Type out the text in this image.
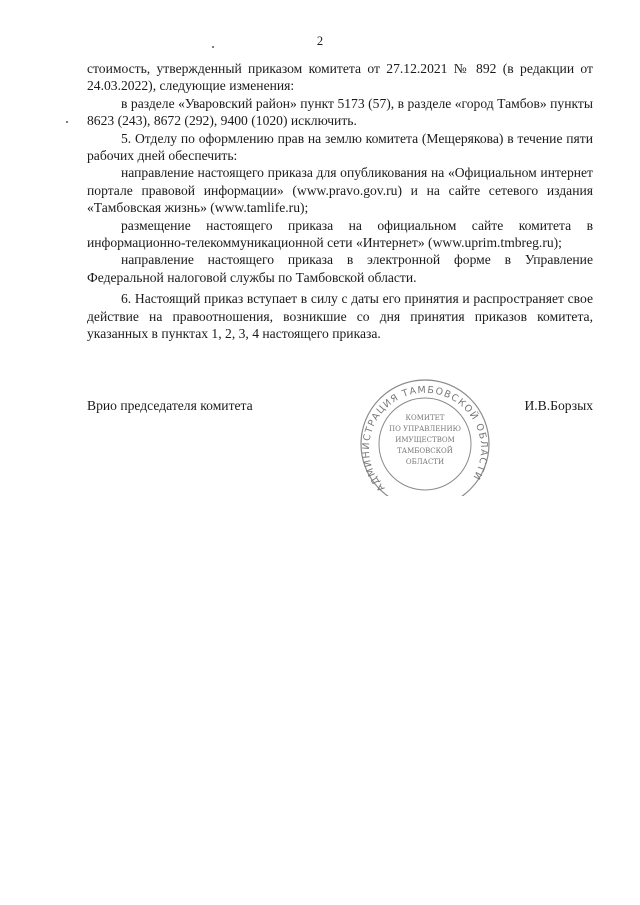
2

стоимость, утвержденный приказом комитета от 27.12.2021 № 892 (в редакции от 24.03.2022), следующие изменения:

в разделе «Уваровский район» пункт 5173 (57), в разделе «город Тамбов» пункты 8623 (243), 8672 (292), 9400 (1020) исключить.

5. Отделу по оформлению прав на землю комитета (Мещерякова) в течение пяти рабочих дней обеспечить:

направление настоящего приказа для опубликования на «Официальном интернет портале правовой информации» (www.pravo.gov.ru) и на сайте сетевого издания «Тамбовская жизнь» (www.tamlife.ru);

размещение настоящего приказа на официальном сайте комитета в информационно-телекоммуникационной сети «Интернет» (www.uprim.tmbreg.ru);

направление настоящего приказа в электронной форме в Управление Федеральной налоговой службы по Тамбовской области.

6. Настоящий приказ вступает в силу с даты его принятия и распространяет свое действие на правоотношения, возникшие со дня принятия приказов комитета, указанных в пунктах 1, 2, 3, 4 настоящего приказа.

АДМИНИСТРАЦИЯ ТАМБОВСКОЙ ОБЛАСТИ
КОМИТЕТ
ПО УПРАВЛЕНИЮ
ИМУЩЕСТВОМ
ТАМБОВСКОЙ
ОБЛАСТИ
Врио председателя комитета	И.В.Борзых
